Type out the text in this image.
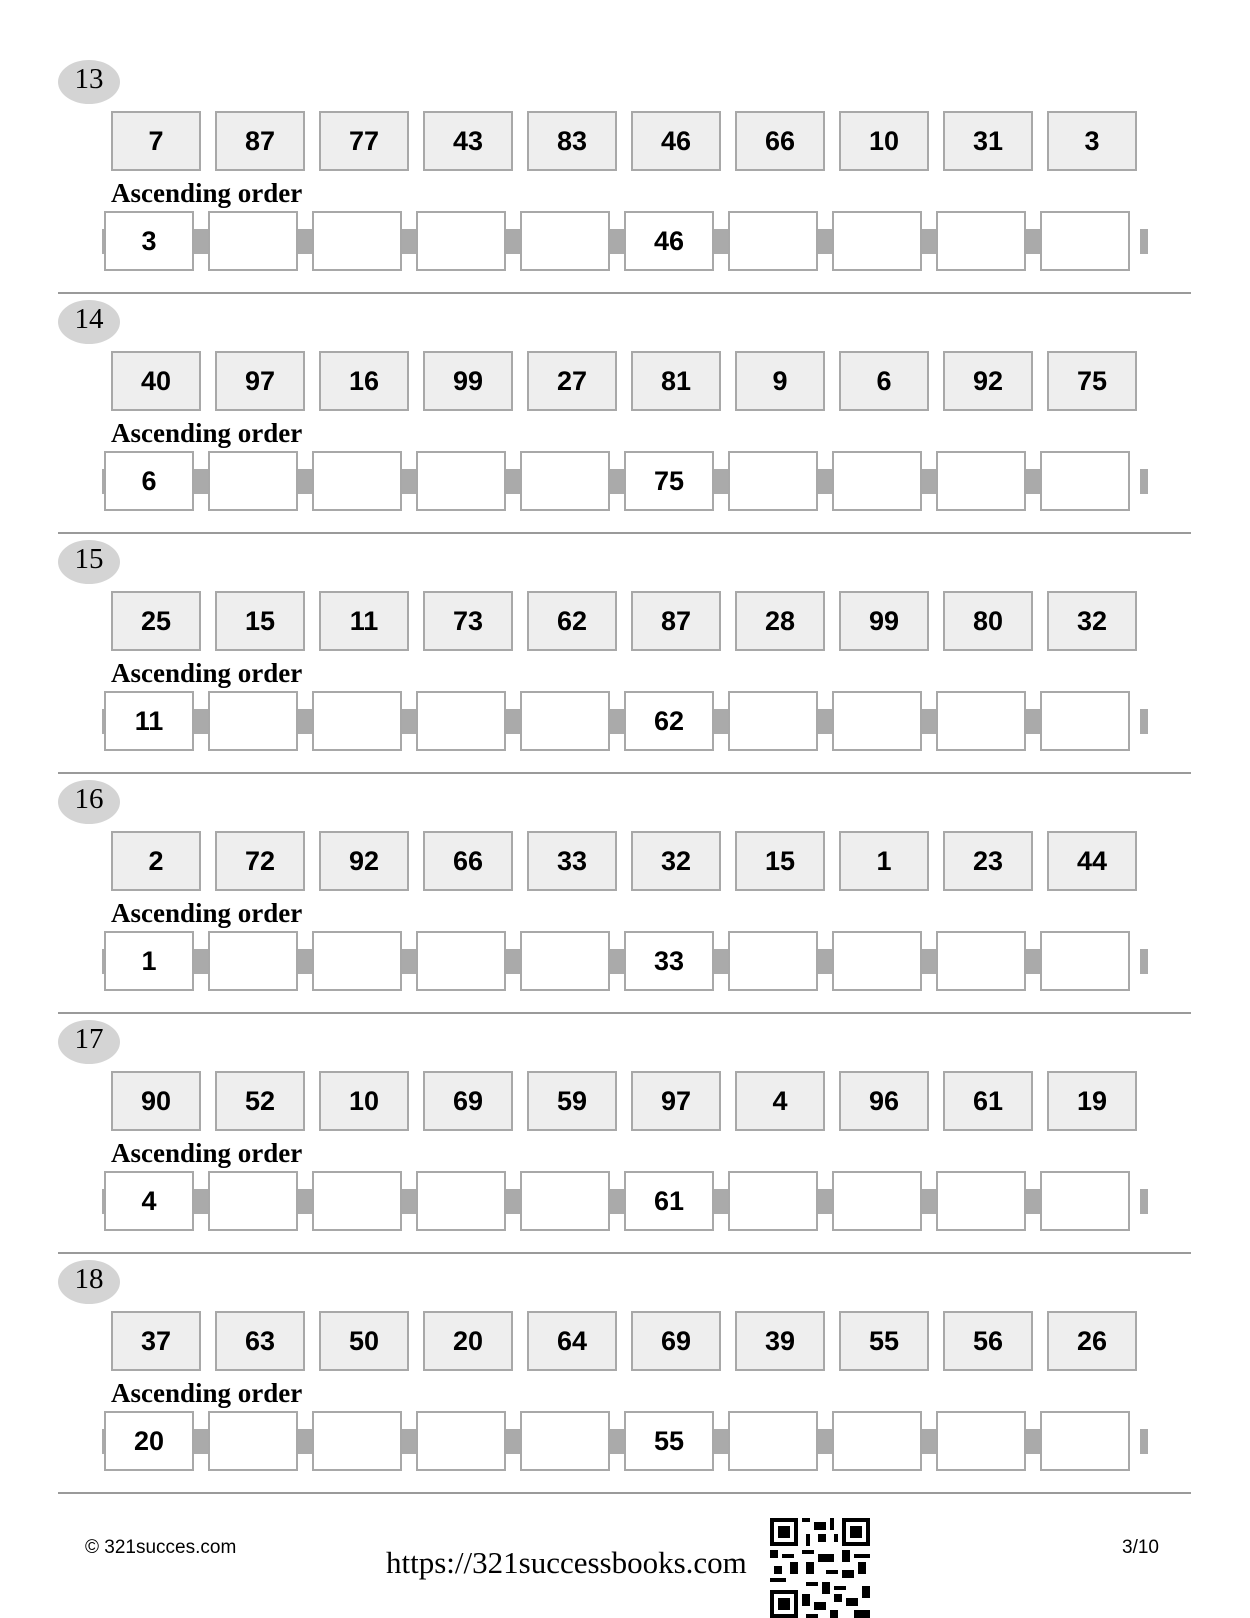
13
7	87	77	43	83	46	66	10	31	3
Ascending order
3	46
14
40	97	16	99	27	81	9	6	92	75
Ascending order
6	75
15
25	15	11	73	62	87	28	99	80	32
Ascending order
11	62
16
2	72	92	66	33	32	15	1	23	44
Ascending order
1	33
17
90	52	10	69	59	97	4	96	61	19
Ascending order
4	61
18
37	63	50	20	64	69	39	55	56	26
Ascending order
20	55
© 321succes.com	https://321successbooks.com	3/10
